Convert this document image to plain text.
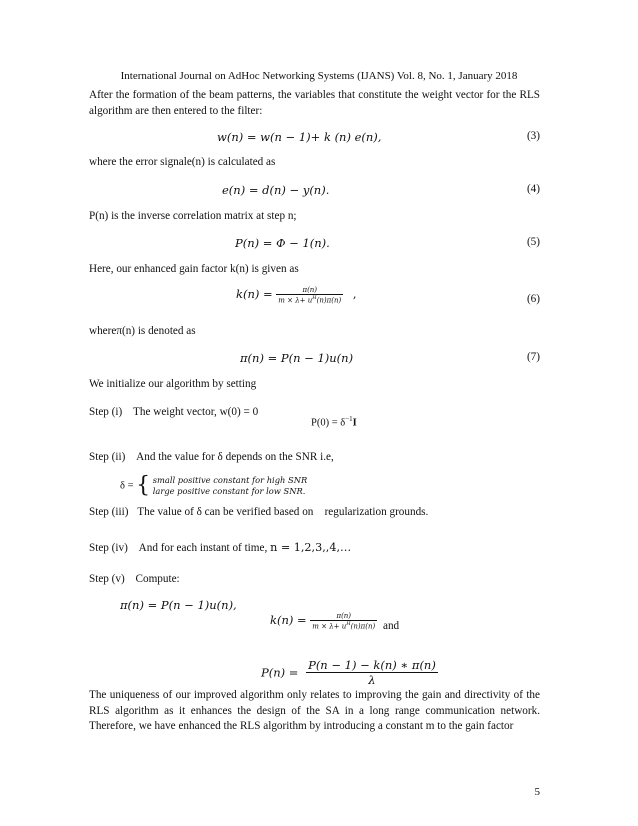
International Journal on AdHoc Networking Systems (IJANS) Vol. 8, No. 1, January 2018
After the formation of the beam patterns, the variables that constitute the weight vector for the RLS algorithm are then entered to the filter:
w(n) = w(n − 1)+ k (n) e(n),	(3)
where the error signale(n) is calculated as
e(n) = d(n) − y(n).	(4)
P(n) is the inverse correlation matrix at step n;
P(n) = Φ − 1(n).	(5)
Here, our enhanced gain factor k(n) is given as
$k(n) = \frac{\pi(n)}{m \times \lambda+ u^H(n)\pi(n)}$ ,	(6)
whereπ(n) is denoted as
π(n) = P(n − 1)u(n)	(7)
We initialize our algorithm by setting
Step (i) The weight vector, w(0) = 0
$P(0) = \delta^{-1}I$
Step (ii) And the value for δ depends on the SNR i.e,
δ = { small positive constant for high SNR
large positive constant for low SNR.
Step (iii) The value of δ can be verified based on    regularization grounds.
Step (iv) And for each instant of time, n = 1,2,3,,4,…
Step (v) Compute:
π(n) = P(n − 1)u(n),
$k(n) = \frac{\pi(n)}{m \times \lambda+ u^H(n)\pi(n)}$ and
$P(n) = \frac{P(n - 1) - k(n) ∗ \pi(n)}{\lambda}$
The uniqueness of our improved algorithm only relates to improving the gain and directivity of the RLS algorithm as it enhances the design of the SA in a long range communication network. Therefore, we have enhanced the RLS algorithm by introducing a constant m to the gain factor
5
